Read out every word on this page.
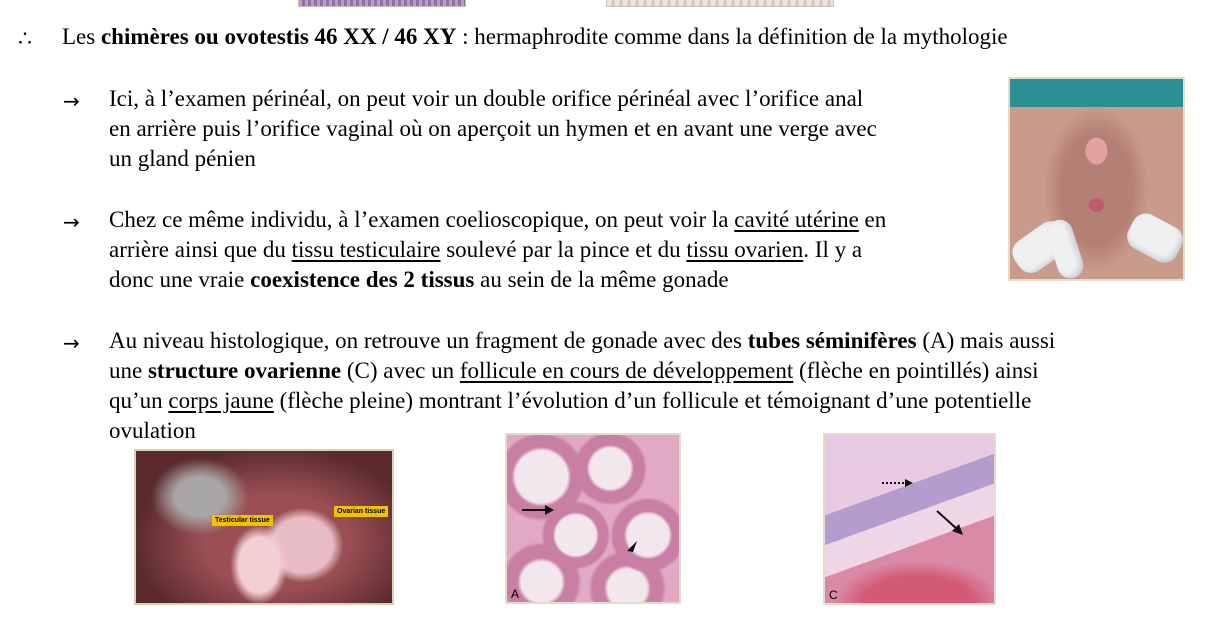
∴ Les chimères ou ovotestis 46 XX / 46 XY : hermaphrodite comme dans la définition de la mythologie
→ Ici, à l’examen périnéal, on peut voir un double orifice périnéal avec l’orifice anal
en arrière puis l’orifice vaginal où on aperçoit un hymen et en avant une verge avec
un gland pénien
→ Chez ce même individu, à l’examen coelioscopique, on peut voir la cavité utérine en
arrière ainsi que du tissu testiculaire soulevé par la pince et du tissu ovarien. Il y a
donc une vraie coexistence des 2 tissus au sein de la même gonade
→ Au niveau histologique, on retrouve un fragment de gonade avec des tubes séminifères (A) mais aussi
une structure ovarienne (C) avec un follicule en cours de développement (flèche en pointillés) ainsi
qu’un corps jaune (flèche pleine) montrant l’évolution d’un follicule et témoignant d’une potentielle
ovulation
Testicular tissue
Ovarian tissue
A	C
